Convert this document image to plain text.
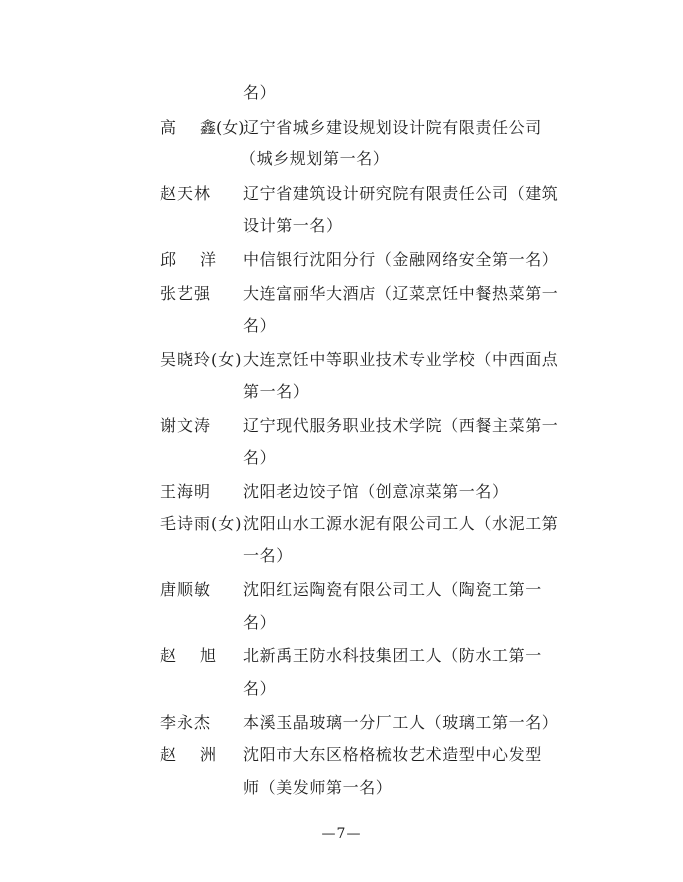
名）
高 鑫(女)
辽宁省城乡建设规划设计院有限责任公司
（城乡规划第一名）
赵天林 辽宁省建筑设计研究院有限责任公司（建筑
设计第一名）
邱 洋 中信银行沈阳分行（金融网络安全第一名）
张艺强 大连富丽华大酒店（辽菜烹饪中餐热菜第一
名）
吴晓玲(女) 大连烹饪中等职业技术专业学校（中西面点
第一名）
谢文涛 辽宁现代服务职业技术学院（西餐主菜第一
名）
王海明 沈阳老边饺子馆（创意凉菜第一名）
毛诗雨(女) 沈阳山水工源水泥有限公司工人（水泥工第
一名）
唐顺敏 沈阳红运陶瓷有限公司工人（陶瓷工第一
名）
赵 旭 北新禹王防水科技集团工人（防水工第一
名）
李永杰 本溪玉晶玻璃一分厂工人（玻璃工第一名）
赵 洲 沈阳市大东区格格梳妆艺术造型中心发型
师（美发师第一名）
—7—
